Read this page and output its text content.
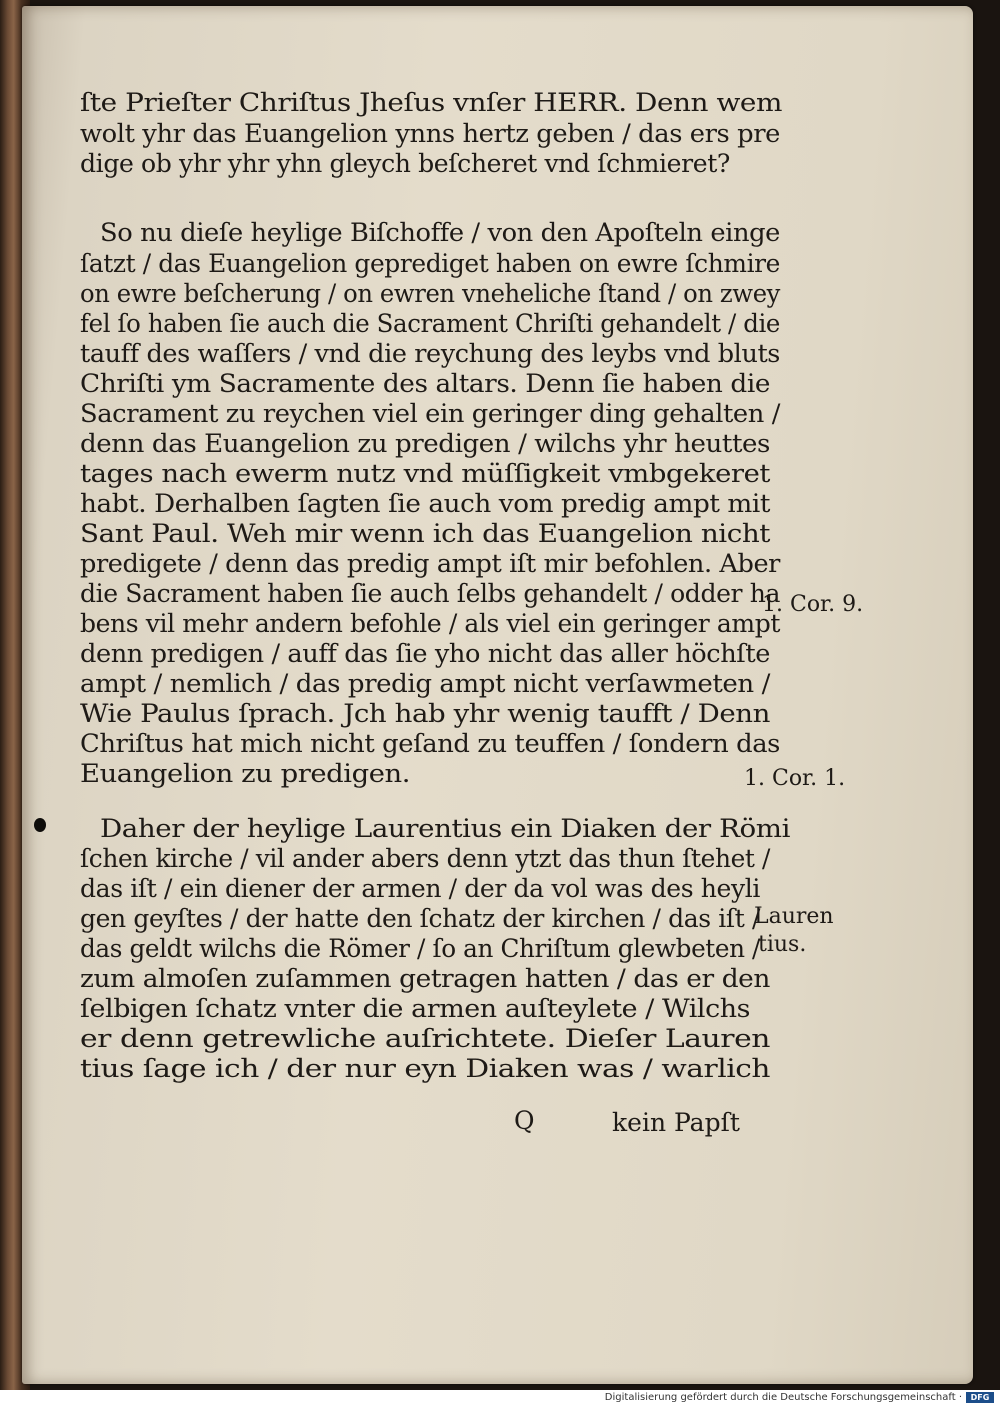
ſte Prieſter Chriſtus Jheſus vnſer HERR. Denn wem
wolt yhr das Euangelion ynns hertz geben / das ers pre
dige ob yhr yhr yhn gleych beſcheret vnd ſchmieret?
So nu dieſe heylige Biſchoffe / von den Apoſteln einge
ſatzt / das Euangelion geprediget haben on ewre ſchmire
on ewre beſcherung / on ewren vneheliche ſtand / on zwey
fel ſo haben ſie auch die Sacrament Chriſti gehandelt / die
tauff des waſſers / vnd die reychung des leybs vnd bluts
Chriſti ym Sacramente des altars. Denn ſie haben die
Sacrament zu reychen viel ein geringer ding gehalten /
denn das Euangelion zu predigen / wilchs yhr heuttes
tages nach ewerm nutz vnd müſſigkeit vmbgekeret
habt. Derhalben ſagten ſie auch vom predig ampt mit
Sant Paul. Weh mir wenn ich das Euangelion nicht
predigete / denn das predig ampt iſt mir befohlen. Aber
die Sacrament haben ſie auch ſelbs gehandelt / odder ha
bens vil mehr andern befohle / als viel ein geringer ampt
denn predigen / auff das ſie yho nicht das aller höchſte
ampt / nemlich / das predig ampt nicht verſawmeten /
Wie Paulus ſprach. Jch hab yhr wenig taufft / Denn
Chriſtus hat mich nicht geſand zu teuffen / ſondern das
Euangelion zu predigen.
Daher der heylige Laurentius ein Diaken der Römi
ſchen kirche / vil ander abers denn ytzt das thun ſtehet /
das iſt / ein diener der armen / der da vol was des heyli
gen geyſtes / der hatte den ſchatz der kirchen / das iſt /
das geldt wilchs die Römer / ſo an Chriſtum glewbeten /
zum almoſen zuſammen getragen hatten / das er den
ſelbigen ſchatz vnter die armen auſteylete / Wilchs
er denn getrewliche auſrichtete. Dieſer Lauren
tius ſage ich / der nur eyn Diaken was / warlich
1. Cor. 9.
1. Cor. 1.
Lauren
tius.
Q	kein Papſt
Digitalisierung gefördert durch die Deutsche Forschungsgemeinschaft ·	DFG
